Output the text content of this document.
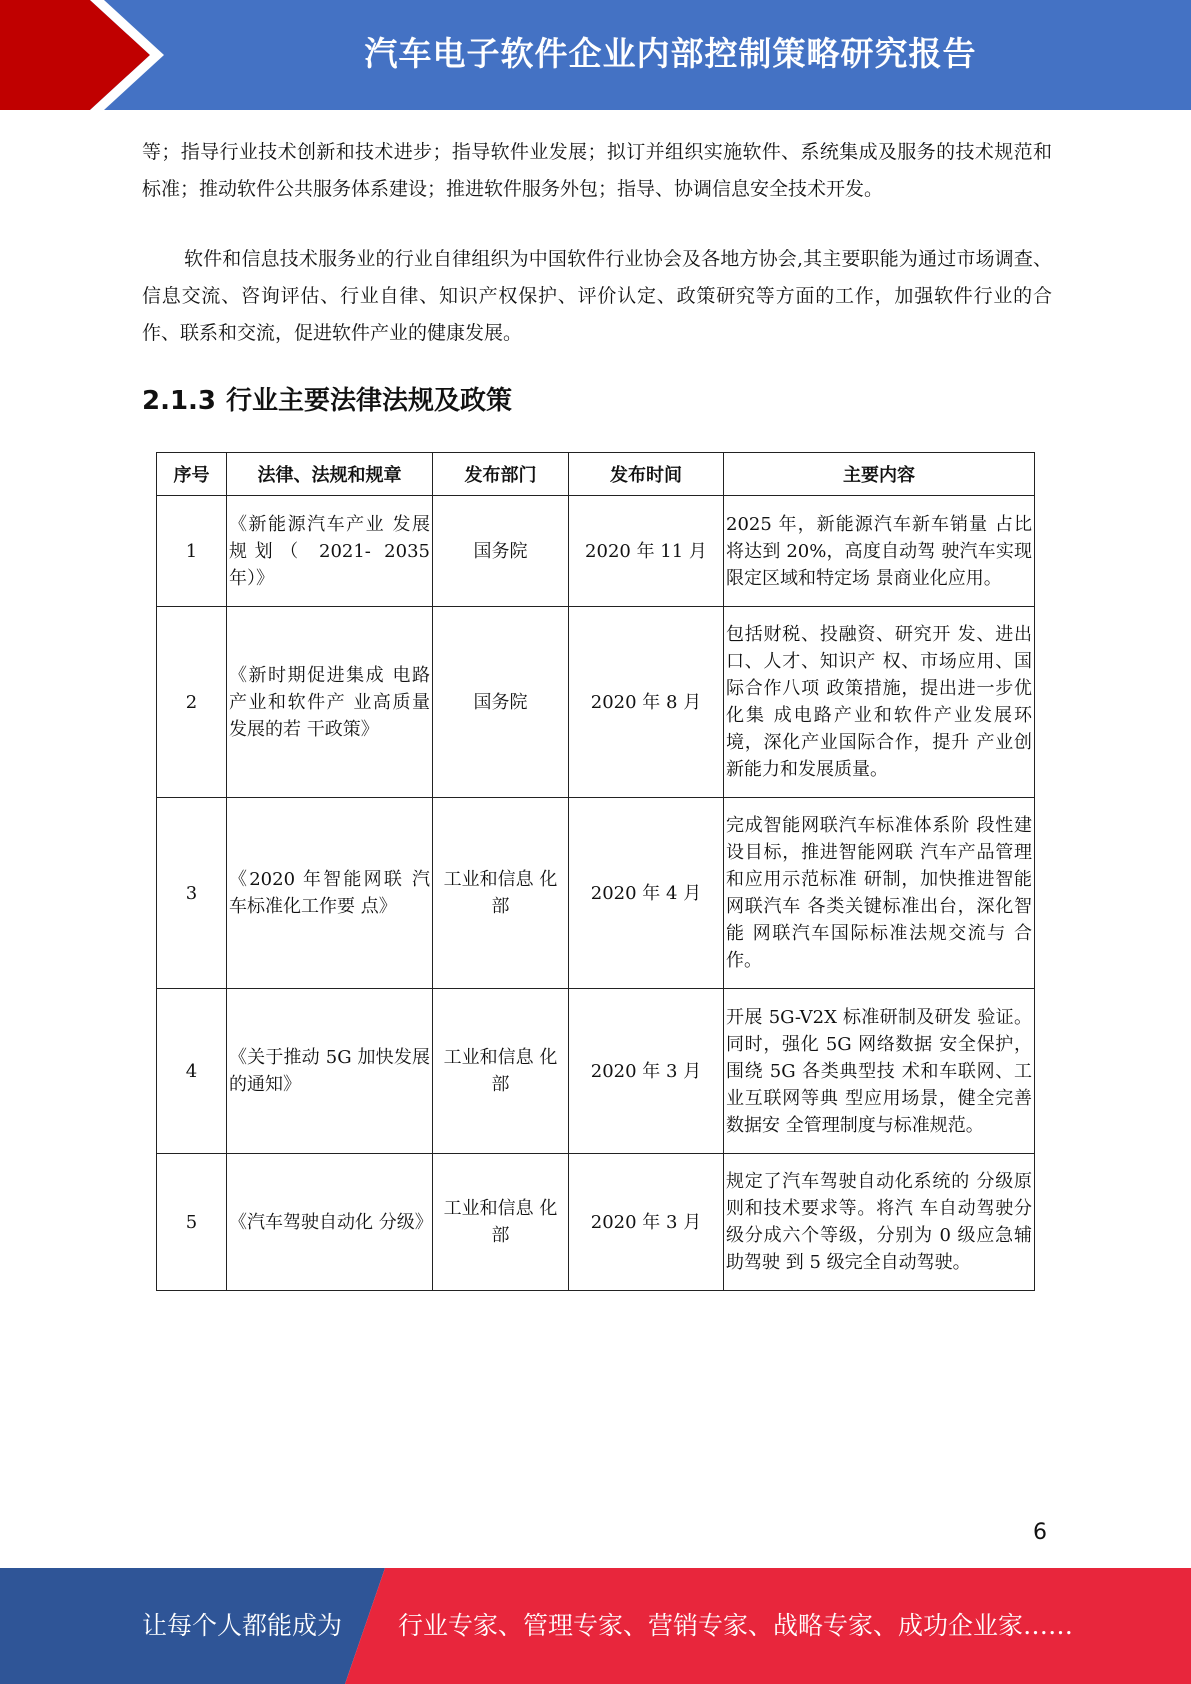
汽车电子软件企业内部控制策略研究报告

等；指导行业技术创新和技术进步；指导软件业发展；拟订并组织实施软件、系统集成及服务的技术规范和标准；推动软件公共服务体系建设；推进软件服务外包；指导、协调信息安全技术开发。

软件和信息技术服务业的行业自律组织为中国软件行业协会及各地方协会,其主要职能为通过市场调查、信息交流、咨询评估、行业自律、知识产权保护、评价认定、政策研究等方面的工作，加强软件行业的合作、联系和交流，促进软件产业的健康发展。

2.1.3 行业主要法律法规及政策
序号	法律、法规和规章	发布部门	发布时间	主要内容
1	《新能源汽车产业 发展规划（ 2021- 2035 年）》	国务院	2020 年 11 月	2025 年，新能源汽车新车销量 占比将达到 20%，高度自动驾 驶汽车实现限定区域和特定场 景商业化应用。
2	《新时期促进集成 电路产业和软件产 业高质量发展的若 干政策》	国务院	2020 年 8 月	包括财税、投融资、研究开 发、进出口、人才、知识产 权、市场应用、国际合作八项 政策措施，提出进一步优化集 成电路产业和软件产业发展环 境，深化产业国际合作，提升 产业创新能力和发展质量。
3	《2020 年智能网联 汽车标准化工作要 点》	工业和信息 化部	2020 年 4 月	完成智能网联汽车标准体系阶 段性建设目标，推进智能网联 汽车产品管理和应用示范标准 研制，加快推进智能网联汽车 各类关键标准出台，深化智能 网联汽车国际标准法规交流与 合作。
4	《关于推动 5G 加快发展的通知》	工业和信息 化部	2020 年 3 月	开展 5G-V2X 标准研制及研发 验证。同时，强化 5G 网络数据 安全保护，围绕 5G 各类典型技 术和车联网、工业互联网等典 型应用场景，健全完善数据安 全管理制度与标准规范。
5	《汽车驾驶自动化 分级》	工业和信息 化部	2020 年 3 月	规定了汽车驾驶自动化系统的 分级原则和技术要求等。将汽 车自动驾驶分级分成六个等级，分别为 0 级应急辅助驾驶 到 5 级完全自动驾驶。
6
让每个人都能成为 行业专家、管理专家、营销专家、战略专家、成功企业家……
